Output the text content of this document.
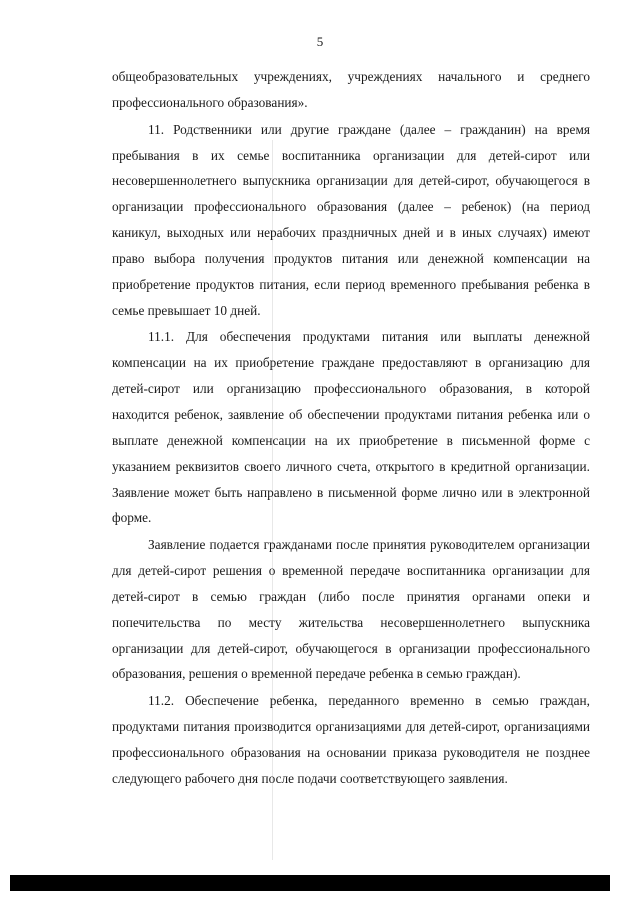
5

общеобразовательных учреждениях, учреждениях начального и среднего профессионального образования».

11. Родственники или другие граждане (далее – гражданин) на время пребывания в их семье воспитанника организации для детей-сирот или несовершеннолетнего выпускника организации для детей-сирот, обучающегося в организации профессионального образования (далее – ребенок) (на период каникул, выходных или нерабочих праздничных дней и в иных случаях) имеют право выбора получения продуктов питания или денежной компенсации на приобретение продуктов питания, если период временного пребывания ребенка в семье превышает 10 дней.

11.1. Для обеспечения продуктами питания или выплаты денежной компенсации на их приобретение граждане предоставляют в организацию для детей-сирот или организацию профессионального образования, в которой находится ребенок, заявление об обеспечении продуктами питания ребенка или о выплате денежной компенсации на их приобретение в письменной форме с указанием реквизитов своего личного счета, открытого в кредитной организации. Заявление может быть направлено в письменной форме лично или в электронной форме.

Заявление подается гражданами после принятия руководителем организации для детей-сирот решения о временной передаче воспитанника организации для детей-сирот в семью граждан (либо после принятия органами опеки и попечительства по месту жительства несовершеннолетнего выпускника организации для детей-сирот, обучающегося в организации профессионального образования, решения о временной передаче ребенка в семью граждан).

11.2. Обеспечение ребенка, переданного временно в семью граждан, продуктами питания производится организациями для детей-сирот, организациями профессионального образования на основании приказа руководителя не позднее следующего рабочего дня после подачи соответствующего заявления.
